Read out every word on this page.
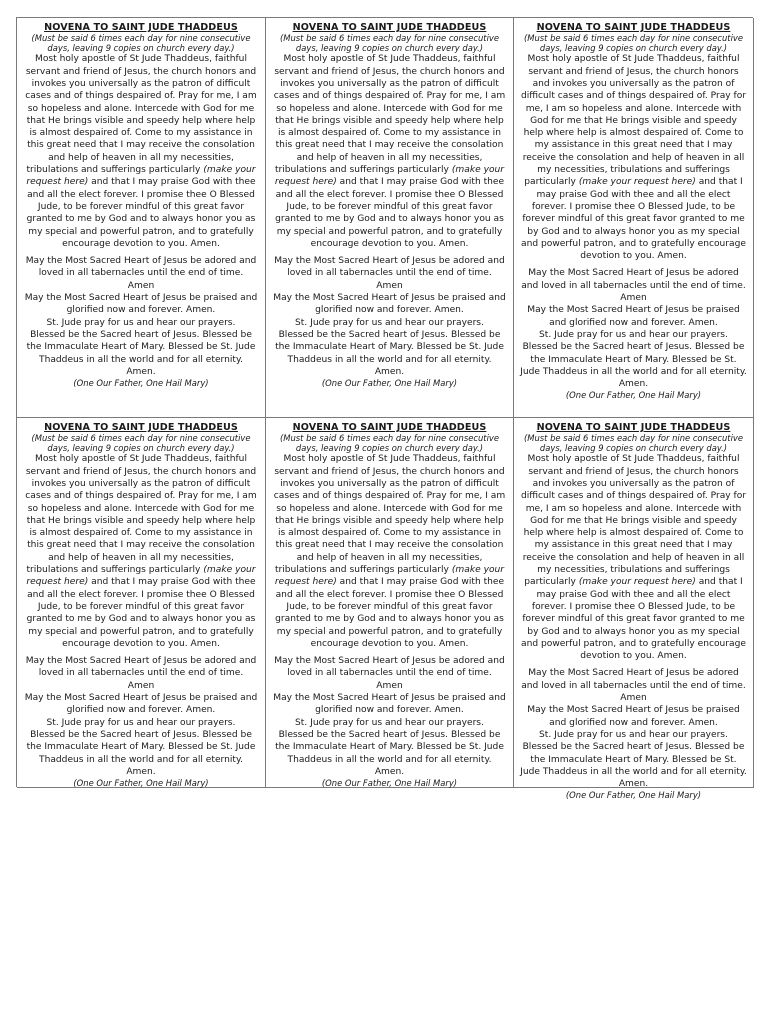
NOVENA TO SAINT JUDE THADDEUS
(Must be said 6 times each day for nine consecutive days, leaving 9 copies on church every day.)

Most holy apostle of St Jude Thaddeus, faithful servant and friend of Jesus, the church honors and invokes you universally as the patron of difficult cases and of things despaired of. Pray for me, I am so hopeless and alone. Intercede with God for me that He brings visible and speedy help where help is almost despaired of. Come to my assistance in this great need that I may receive the consolation and help of heaven in all my necessities, tribulations and sufferings particularly (make your request here) and that I may praise God with thee and all the elect forever. I promise thee O Blessed Jude, to be forever mindful of this great favor granted to me by God and to always honor you as my special and powerful patron, and to gratefully encourage devotion to you. Amen.

May the Most Sacred Heart of Jesus be adored and loved in all tabernacles until the end of time.
Amen
May the Most Sacred Heart of Jesus be praised and glorified now and forever. Amen.
St. Jude pray for us and hear our prayers.
Blessed be the Sacred heart of Jesus. Blessed be the Immaculate Heart of Mary. Blessed be St. Jude Thaddeus in all the world and for all eternity. Amen.
(One Our Father, One Hail Mary)
NOVENA TO SAINT JUDE THADDEUS
(Must be said 6 times each day for nine consecutive days, leaving 9 copies on church every day.)

Most holy apostle of St Jude Thaddeus, faithful servant and friend of Jesus, the church honors and invokes you universally as the patron of difficult cases and of things despaired of. Pray for me, I am so hopeless and alone. Intercede with God for me that He brings visible and speedy help where help is almost despaired of. Come to my assistance in this great need that I may receive the consolation and help of heaven in all my necessities, tribulations and sufferings particularly (make your request here) and that I may praise God with thee and all the elect forever. I promise thee O Blessed Jude, to be forever mindful of this great favor granted to me by God and to always honor you as my special and powerful patron, and to gratefully encourage devotion to you. Amen.

May the Most Sacred Heart of Jesus be adored and loved in all tabernacles until the end of time.
Amen
May the Most Sacred Heart of Jesus be praised and glorified now and forever. Amen.
St. Jude pray for us and hear our prayers.
Blessed be the Sacred heart of Jesus. Blessed be the Immaculate Heart of Mary. Blessed be St. Jude Thaddeus in all the world and for all eternity. Amen.
(One Our Father, One Hail Mary)
NOVENA TO SAINT JUDE THADDEUS
(Must be said 6 times each day for nine consecutive days, leaving 9 copies on church every day.)

Most holy apostle of St Jude Thaddeus, faithful servant and friend of Jesus, the church honors and invokes you universally as the patron of difficult cases and of things despaired of. Pray for me, I am so hopeless and alone. Intercede with God for me that He brings visible and speedy help where help is almost despaired of. Come to my assistance in this great need that I may receive the consolation and help of heaven in all my necessities, tribulations and sufferings particularly (make your request here) and that I may praise God with thee and all the elect forever. I promise thee O Blessed Jude, to be forever mindful of this great favor granted to me by God and to always honor you as my special and powerful patron, and to gratefully encourage devotion to you. Amen.

May the Most Sacred Heart of Jesus be adored and loved in all tabernacles until the end of time.
Amen
May the Most Sacred Heart of Jesus be praised and glorified now and forever. Amen.
St. Jude pray for us and hear our prayers.
Blessed be the Sacred heart of Jesus. Blessed be the Immaculate Heart of Mary. Blessed be St. Jude Thaddeus in all the world and for all eternity. Amen.
(One Our Father, One Hail Mary)
NOVENA TO SAINT JUDE THADDEUS
(Must be said 6 times each day for nine consecutive days, leaving 9 copies on church every day.)

Most holy apostle of St Jude Thaddeus, faithful servant and friend of Jesus, the church honors and invokes you universally as the patron of difficult cases and of things despaired of. Pray for me, I am so hopeless and alone. Intercede with God for me that He brings visible and speedy help where help is almost despaired of. Come to my assistance in this great need that I may receive the consolation and help of heaven in all my necessities, tribulations and sufferings particularly (make your request here) and that I may praise God with thee and all the elect forever. I promise thee O Blessed Jude, to be forever mindful of this great favor granted to me by God and to always honor you as my special and powerful patron, and to gratefully encourage devotion to you. Amen.

May the Most Sacred Heart of Jesus be adored and loved in all tabernacles until the end of time.
Amen
May the Most Sacred Heart of Jesus be praised and glorified now and forever. Amen.
St. Jude pray for us and hear our prayers.
Blessed be the Sacred heart of Jesus. Blessed be the Immaculate Heart of Mary. Blessed be St. Jude Thaddeus in all the world and for all eternity. Amen.
(One Our Father, One Hail Mary)
NOVENA TO SAINT JUDE THADDEUS
(Must be said 6 times each day for nine consecutive days, leaving 9 copies on church every day.)

Most holy apostle of St Jude Thaddeus, faithful servant and friend of Jesus, the church honors and invokes you universally as the patron of difficult cases and of things despaired of. Pray for me, I am so hopeless and alone. Intercede with God for me that He brings visible and speedy help where help is almost despaired of. Come to my assistance in this great need that I may receive the consolation and help of heaven in all my necessities, tribulations and sufferings particularly (make your request here) and that I may praise God with thee and all the elect forever. I promise thee O Blessed Jude, to be forever mindful of this great favor granted to me by God and to always honor you as my special and powerful patron, and to gratefully encourage devotion to you. Amen.

May the Most Sacred Heart of Jesus be adored and loved in all tabernacles until the end of time.
Amen
May the Most Sacred Heart of Jesus be praised and glorified now and forever. Amen.
St. Jude pray for us and hear our prayers.
Blessed be the Sacred heart of Jesus. Blessed be the Immaculate Heart of Mary. Blessed be St. Jude Thaddeus in all the world and for all eternity. Amen.
(One Our Father, One Hail Mary)
NOVENA TO SAINT JUDE THADDEUS
(Must be said 6 times each day for nine consecutive days, leaving 9 copies on church every day.)

Most holy apostle of St Jude Thaddeus, faithful servant and friend of Jesus, the church honors and invokes you universally as the patron of difficult cases and of things despaired of. Pray for me, I am so hopeless and alone. Intercede with God for me that He brings visible and speedy help where help is almost despaired of. Come to my assistance in this great need that I may receive the consolation and help of heaven in all my necessities, tribulations and sufferings particularly (make your request here) and that I may praise God with thee and all the elect forever. I promise thee O Blessed Jude, to be forever mindful of this great favor granted to me by God and to always honor you as my special and powerful patron, and to gratefully encourage devotion to you. Amen.

May the Most Sacred Heart of Jesus be adored and loved in all tabernacles until the end of time.
Amen
May the Most Sacred Heart of Jesus be praised and glorified now and forever. Amen.
St. Jude pray for us and hear our prayers.
Blessed be the Sacred heart of Jesus. Blessed be the Immaculate Heart of Mary. Blessed be St. Jude Thaddeus in all the world and for all eternity. Amen.
(One Our Father, One Hail Mary)
